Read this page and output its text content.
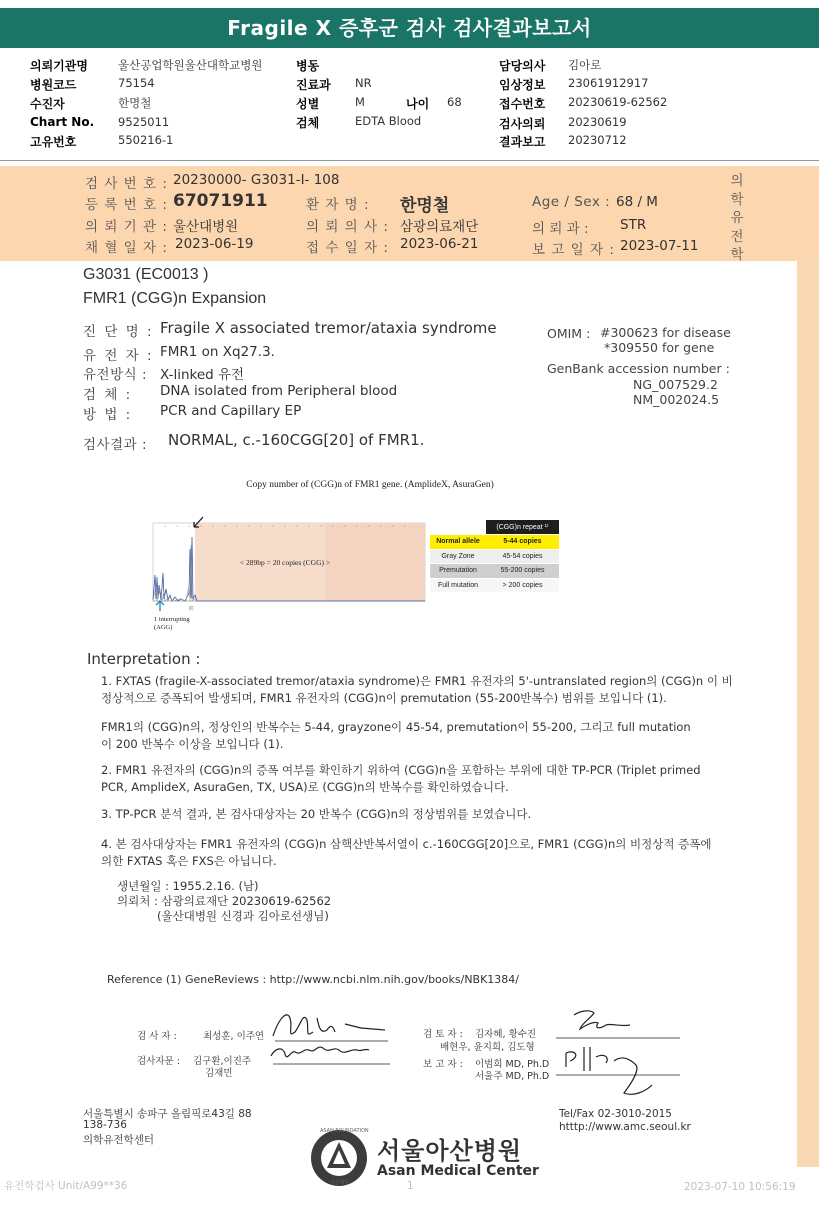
Fragile X 증후군 검사 검사결과보고서
의뢰기관명	울산공업학원울산대학교병원
병원코드	75154
수진자	한명철
Chart No. 9525011
고유번호	550216-1
병동
진료과 NR
성별	M	나이 68
검체	EDTA Blood
담당의사 김아로
임상정보 23061912917
접수번호 20230619-62562
검사의뢰 20230619
결과보고 20230712
검 사 번 호 : 20230000- G3031-I- 108
등 록 번 호 : 67071911	환 자 명 : 한명철	Age / Sex : 68 / M
의 뢰 기 관 : 울산대병원	의 뢰 의 사 : 삼광의료재단	의 뢰 과 : STR
채 혈 일 자 : 2023-06-19	접 수 일 자 : 2023-06-21	보 고 일 자 : 2023-07-11
의
학
유
전
학
G3031 (EC0013 )
FMR1 (CGG)n Expansion
진 단 명 : Fragile X associated tremor/ataxia syndrome
유 전 자 : FMR1 on Xq27.3.
유전방식 : X-linked 유전
검 체 : DNA isolated from Peripheral blood
방 법 : PCR and Capillary EP
검사결과 : NORMAL, c.-160CGG[20] of FMR1.
OMIM : #300623 for disease
*309550 for gene
GenBank accession number :
NG_007529.2
NM_002024.5
Copy number of (CGG)n of FMR1 gene. (AmplideX, AsuraGen)
< 289bp = 20 copies (CGG) >
▯▯
1 interrupting
(AGG)
	(CGG)n repeat ¹⁾
Normal allele	5-44 copies
Gray Zone	45-54 copies
Premutation	55-200 copies
Full mutation	> 200 copies
Interpretation :
1. FXTAS (fragile-X-associated tremor/ataxia syndrome)은 FMR1 유전자의 5'-untranslated region의 (CGG)n 이 비정상적으로 증폭되어 발생되며, FMR1 유전자의 (CGG)n이 premutation (55-200반복수) 범위를 보입니다 (1).
FMR1의 (CGG)n의, 정상인의 반복수는 5-44, grayzone이 45-54, premutation이 55-200, 그리고 full mutation이 200 반복수 이상을 보입니다 (1).
2. FMR1 유전자의 (CGG)n의 증폭 여부를 확인하기 위하여 (CGG)n을 포함하는 부위에 대한 TP-PCR (Triplet primed PCR, AmplideX, AsuraGen, TX, USA)로 (CGG)n의 반복수를 확인하였습니다.
3. TP-PCR 분석 결과, 본 검사대상자는 20 반복수 (CGG)n의 정상범위를 보였습니다.
4. 본 검사대상자는 FMR1 유전자의 (CGG)n 삼핵산반복서열이 c.-160CGG[20]으로, FMR1 (CGG)n의 비정상적 증폭에 의한 FXTAS 혹은 FXS은 아닙니다.
생년월일 : 1955.2.16. (남)
의뢰처 : 삼광의료재단 20230619-62562
(울산대병원 신경과 김아로선생님)
Reference (1) GeneReviews : http://www.ncbi.nlm.nih.gov/books/NBK1384/
검 사 자 :	최성훈, 이주연
검사자문 : 김구환,이진주
김재민
검 토 자 : 김자혜, 황수진
배현우, 윤지희, 김도형
보 고 자 : 이범희 MD, Ph.D
서울주 MD, Ph.D
서울특별시 송파구 올림픽로43길 88
138-736
의학유전학센터
ASAN FOUNDATION
아산재단
서울아산병원
Asan Medical Center
Tel/Fax 02-3010-2015
htttp://www.amc.seoul.kr
유전학검사 Unit/A99**36	1	2023-07-10 10:56:19
